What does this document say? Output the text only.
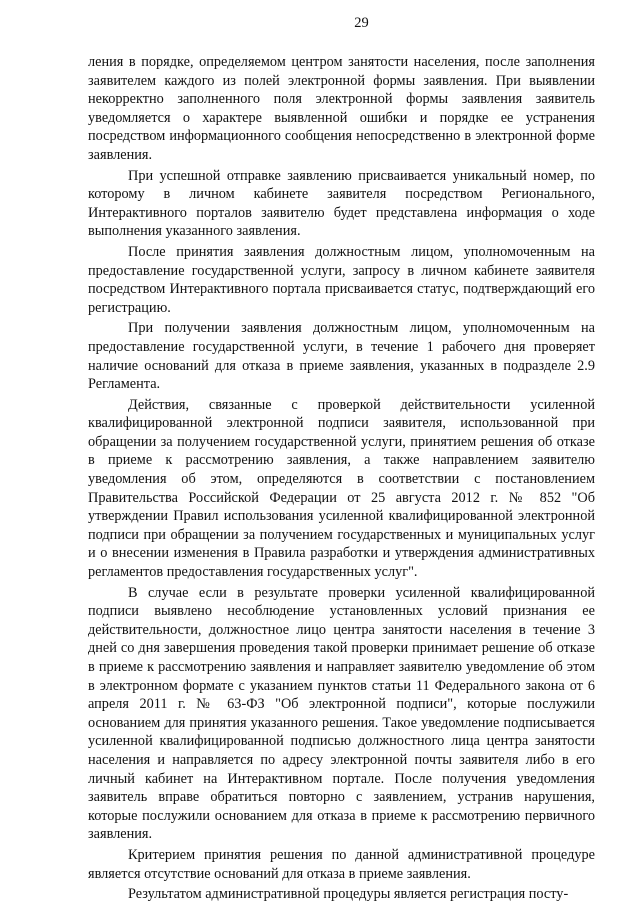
29

ления в порядке, определяемом центром занятости населения, после заполнения заявителем каждого из полей электронной формы заявления. При выявлении некорректно заполненного поля электронной формы заявления заявитель уведомляется о характере выявленной ошибки и порядке ее устранения посредством информационного сообщения непосредственно в электронной форме заявления.

При успешной отправке заявлению присваивается уникальный номер, по которому в личном кабинете заявителя посредством Регионального, Интерактивного порталов заявителю будет представлена информация о ходе выполнения указанного заявления.

После принятия заявления должностным лицом, уполномоченным на предоставление государственной услуги, запросу в личном кабинете заявителя посредством Интерактивного портала присваивается статус, подтверждающий его регистрацию.

При получении заявления должностным лицом, уполномоченным на предоставление государственной услуги, в течение 1 рабочего дня проверяет наличие оснований для отказа в приеме заявления, указанных в подразделе 2.9 Регламента.

Действия, связанные с проверкой действительности усиленной квалифицированной электронной подписи заявителя, использованной при обращении за получением государственной услуги, принятием решения об отказе в приеме к рассмотрению заявления, а также направлением заявителю уведомления об этом, определяются в соответствии с постановлением Правительства Российской Федерации от 25 августа 2012 г. № 852 "Об утверждении Правил использования усиленной квалифицированной электронной подписи при обращении за получением государственных и муниципальных услуг и о внесении изменения в Правила разработки и утверждения административных регламентов предоставления государственных услуг".

В случае если в результате проверки усиленной квалифицированной подписи выявлено несоблюдение установленных условий признания ее действительности, должностное лицо центра занятости населения в течение 3 дней со дня завершения проведения такой проверки принимает решение об отказе в приеме к рассмотрению заявления и направляет заявителю уведомление об этом в электронном формате с указанием пунктов статьи 11 Федерального закона от 6 апреля 2011 г. № 63-ФЗ "Об электронной подписи", которые послужили основанием для принятия указанного решения. Такое уведомление подписывается усиленной квалифицированной подписью должностного лица центра занятости населения и направляется по адресу электронной почты заявителя либо в его личный кабинет на Интерактивном портале. После получения уведомления заявитель вправе обратиться повторно с заявлением, устранив нарушения, которые послужили основанием для отказа в приеме к рассмотрению первичного заявления.

Критерием принятия решения по данной административной процедуре является отсутствие оснований для отказа в приеме заявления.

Результатом административной процедуры является регистрация посту-
